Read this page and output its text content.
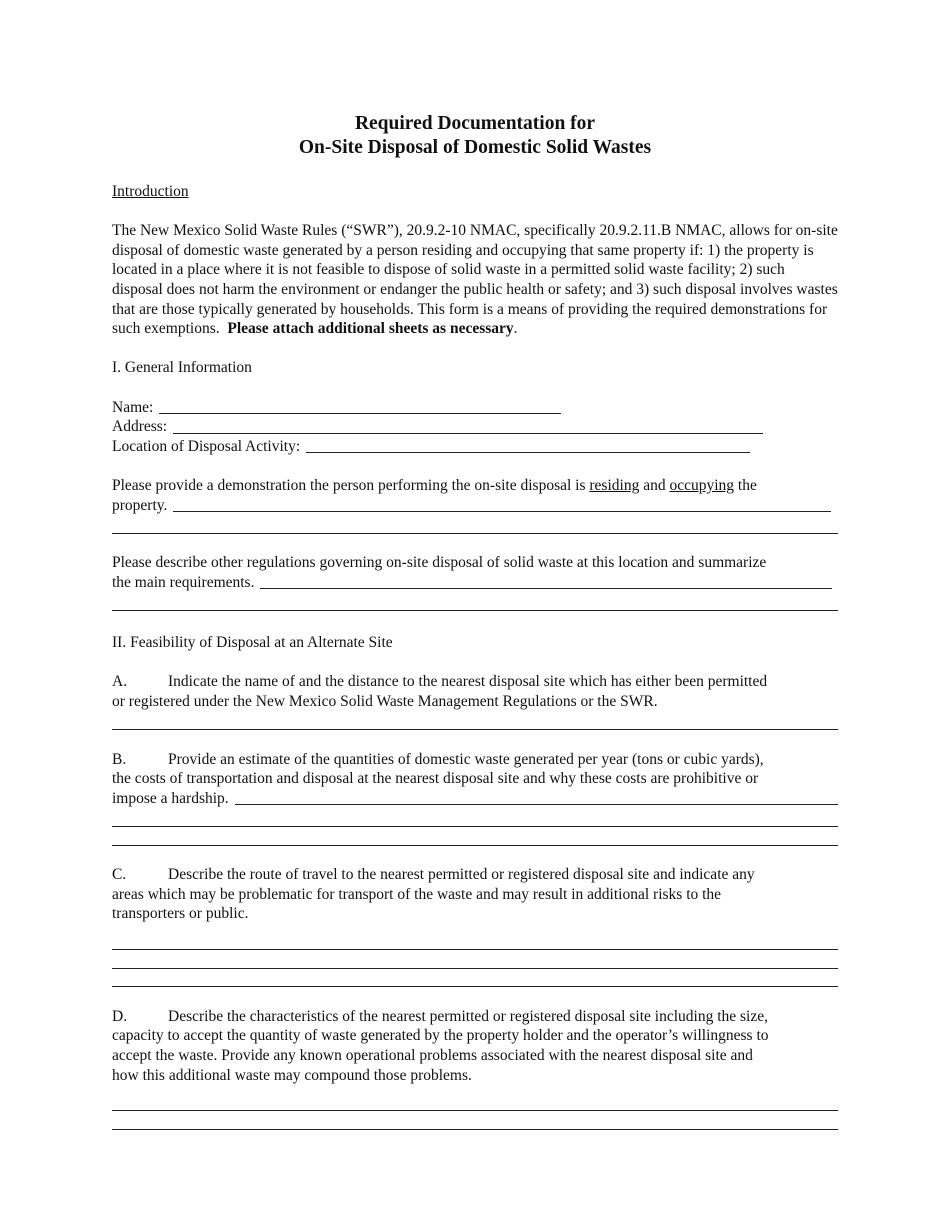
Required Documentation for
On-Site Disposal of Domestic Solid Wastes
Introduction
The New Mexico Solid Waste Rules (“SWR”), 20.9.2-10 NMAC, specifically 20.9.2.11.B NMAC, allows for on-site disposal of domestic waste generated by a person residing and occupying that same property if: 1) the property is located in a place where it is not feasible to dispose of solid waste in a permitted solid waste facility; 2) such disposal does not harm the environment or endanger the public health or safety; and 3) such disposal involves wastes that are those typically generated by households. This form is a means of providing the required demonstrations for such exemptions. Please attach additional sheets as necessary.
I. General Information
Name:
Address:
Location of Disposal Activity:
Please provide a demonstration the person performing the on-site disposal is residing and occupying the
property.
Please describe other regulations governing on-site disposal of solid waste at this location and summarize
the main requirements.
II. Feasibility of Disposal at an Alternate Site
A.	Indicate the name of and the distance to the nearest disposal site which has either been permitted
or registered under the New Mexico Solid Waste Management Regulations or the SWR.
B.	Provide an estimate of the quantities of domestic waste generated per year (tons or cubic yards),
the costs of transportation and disposal at the nearest disposal site and why these costs are prohibitive or
impose a hardship.
C.	Describe the route of travel to the nearest permitted or registered disposal site and indicate any
areas which may be problematic for transport of the waste and may result in additional risks to the
transporters or public.
D.	Describe the characteristics of the nearest permitted or registered disposal site including the size,
capacity to accept the quantity of waste generated by the property holder and the operator’s willingness to
accept the waste. Provide any known operational problems associated with the nearest disposal site and
how this additional waste may compound those problems.
